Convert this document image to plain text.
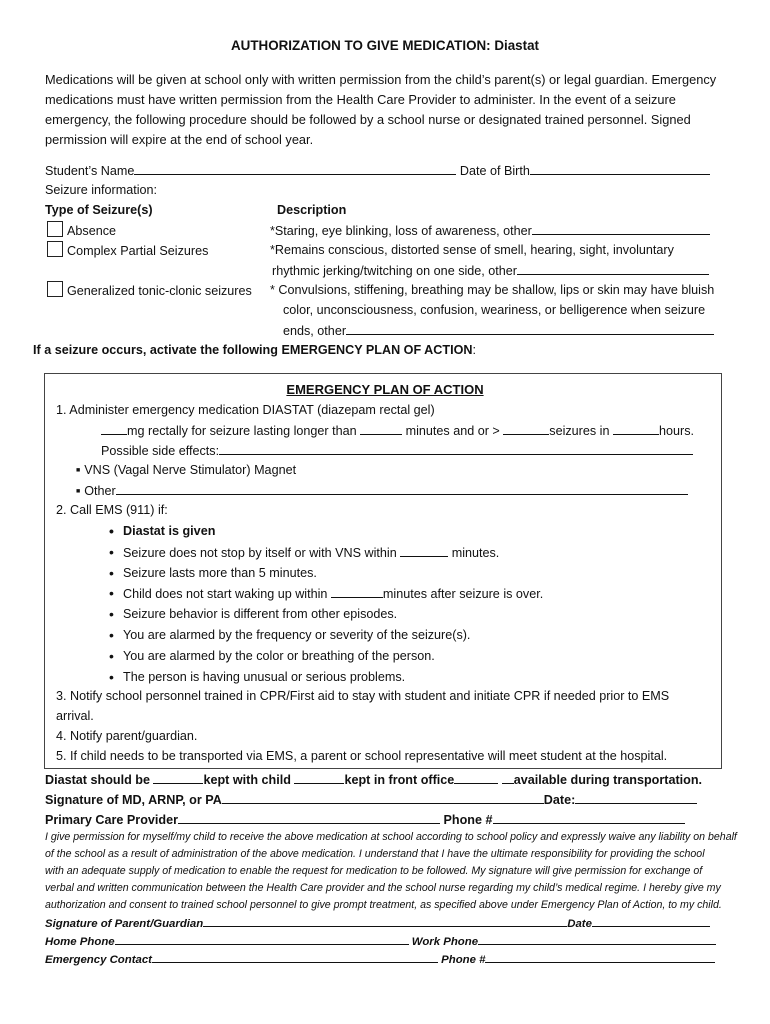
AUTHORIZATION TO GIVE MEDICATION: Diastat

Medications will be given at school only with written permission from the child’s parent(s) or legal guardian. Emergency medications must have written permission from the Health Care Provider to administer. In the event of a seizure emergency, the following procedure should be followed by a school nurse or designated trained personnel. Signed permission will expire at the end of school year.

Student’s Name	Date of Birth
Seizure information:
Type of Seizure(s)	Description
Absence	*Staring, eye blinking, loss of awareness, other
Complex Partial Seizures	*Remains conscious, distorted sense of smell, hearing, sight, involuntary
rhythmic jerking/twitching on one side, other
Generalized tonic-clonic seizures * Convulsions, stiffening, breathing may be shallow, lips or skin may have bluish
color, unconsciousness, confusion, weariness, or belligerence when seizure
ends, other
If a seizure occurs, activate the following EMERGENCY PLAN OF ACTION:
EMERGENCY PLAN OF ACTION
1. Administer emergency medication DIASTAT (diazepam rectal gel)
mg rectally for seizure lasting longer than	minutes and or >	seizures in	hours.
Possible side effects:
■ VNS (Vagal Nerve Stimulator) Magnet
■ Other
2. Call EMS (911) if:
• Diastat is given
• Seizure does not stop by itself or with VNS within	minutes.
• Seizure lasts more than 5 minutes.
• Child does not start waking up within	minutes after seizure is over.
• Seizure behavior is different from other episodes.
• You are alarmed by the frequency or severity of the seizure(s).
• You are alarmed by the color or breathing of the person.
• The person is having unusual or serious problems.
3. Notify school personnel trained in CPR/First aid to stay with student and initiate CPR if needed prior to EMS
arrival.
4. Notify parent/guardian.
5. If child needs to be transported via EMS, a parent or school representative will meet student at the hospital.
Diastat should be	kept with child	kept in front office	available during transportation.
Signature of MD, ARNP, or PA	Date:
Primary Care Provider	Phone #
I give permission for myself/my child to receive the above medication at school according to school policy and expressly waive any liability on behalf
of the school as a result of administration of the above medication. I understand that I have the ultimate responsibility for providing the school
with an adequate supply of medication to enable the request for medication to be followed. My signature will give permission for exchange of
verbal and written communication between the Health Care provider and the school nurse regarding my child’s medical regime. I hereby give my
authorization and consent to trained school personnel to give prompt treatment, as specified above under Emergency Plan of Action, to my child.
Signature of Parent/Guardian	Date
Home Phone	Work Phone
Emergency Contact	Phone #
